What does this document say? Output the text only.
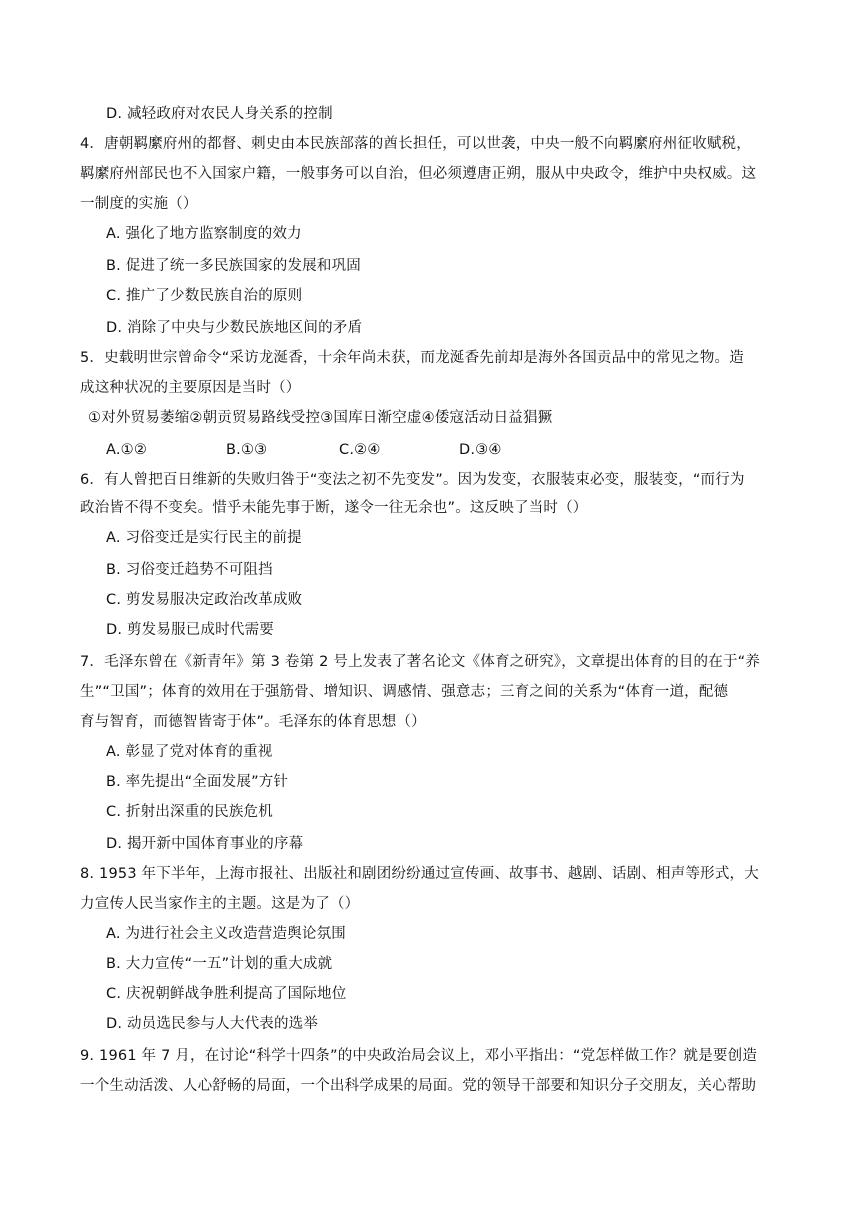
D. 减轻政府对农民人身关系的控制
4．唐朝羁縻府州的都督、刺史由本民族部落的酋长担任，可以世袭，中央一般不向羁縻府州征收赋税，
羁縻府州部民也不入国家户籍，一般事务可以自治，但必须遵唐正朔，服从中央政令，维护中央权威。这
一制度的实施（）
A. 强化了地方监察制度的效力
B. 促进了统一多民族国家的发展和巩固
C. 推广了少数民族自治的原则
D. 消除了中央与少数民族地区间的矛盾
5．史载明世宗曾命令“采访龙涎香，十余年尚未获，而龙涎香先前却是海外各国贡品中的常见之物。造
成这种状况的主要原因是当时（）
①对外贸易萎缩②朝贡贸易路线受控③国库日渐空虚④倭寇活动日益猖獗
A.①②	B.①③	C.②④	D.③④
6．有人曾把百日维新的失败归咎于“变法之初不先变发”。因为发变，衣服装束必变，服装变，“而行为
政治皆不得不变矣。惜乎未能先事于断，遂令一往无余也”。这反映了当时（）
A. 习俗变迁是实行民主的前提
B. 习俗变迁趋势不可阻挡
C. 剪发易服决定政治改革成败
D. 剪发易服已成时代需要
7．毛泽东曾在《新青年》第 3 卷第 2 号上发表了著名论文《体育之研究》，文章提出体育的目的在于“养
生”“卫国”；体育的效用在于强筋骨、增知识、调感情、强意志；三育之间的关系为“体育一道，配德
育与智育，而德智皆寄于体”。毛泽东的体育思想（）
A. 彰显了党对体育的重视
B. 率先提出“全面发展”方针
C. 折射出深重的民族危机
D. 揭开新中国体育事业的序幕
8. 1953 年下半年，上海市报社、出版社和剧团纷纷通过宣传画、故事书、越剧、话剧、相声等形式，大
力宣传人民当家作主的主题。这是为了（）
A. 为进行社会主义改造营造舆论氛围
B. 大力宣传“一五”计划的重大成就
C. 庆祝朝鲜战争胜利提高了国际地位
D. 动员选民参与人大代表的选举
9. 1961 年 7 月，在讨论“科学十四条”的中央政治局会议上，邓小平指出：“党怎样做工作？就是要创造
一个生动活泼、人心舒畅的局面，一个出科学成果的局面。党的领导干部要和知识分子交朋友，关心帮助
